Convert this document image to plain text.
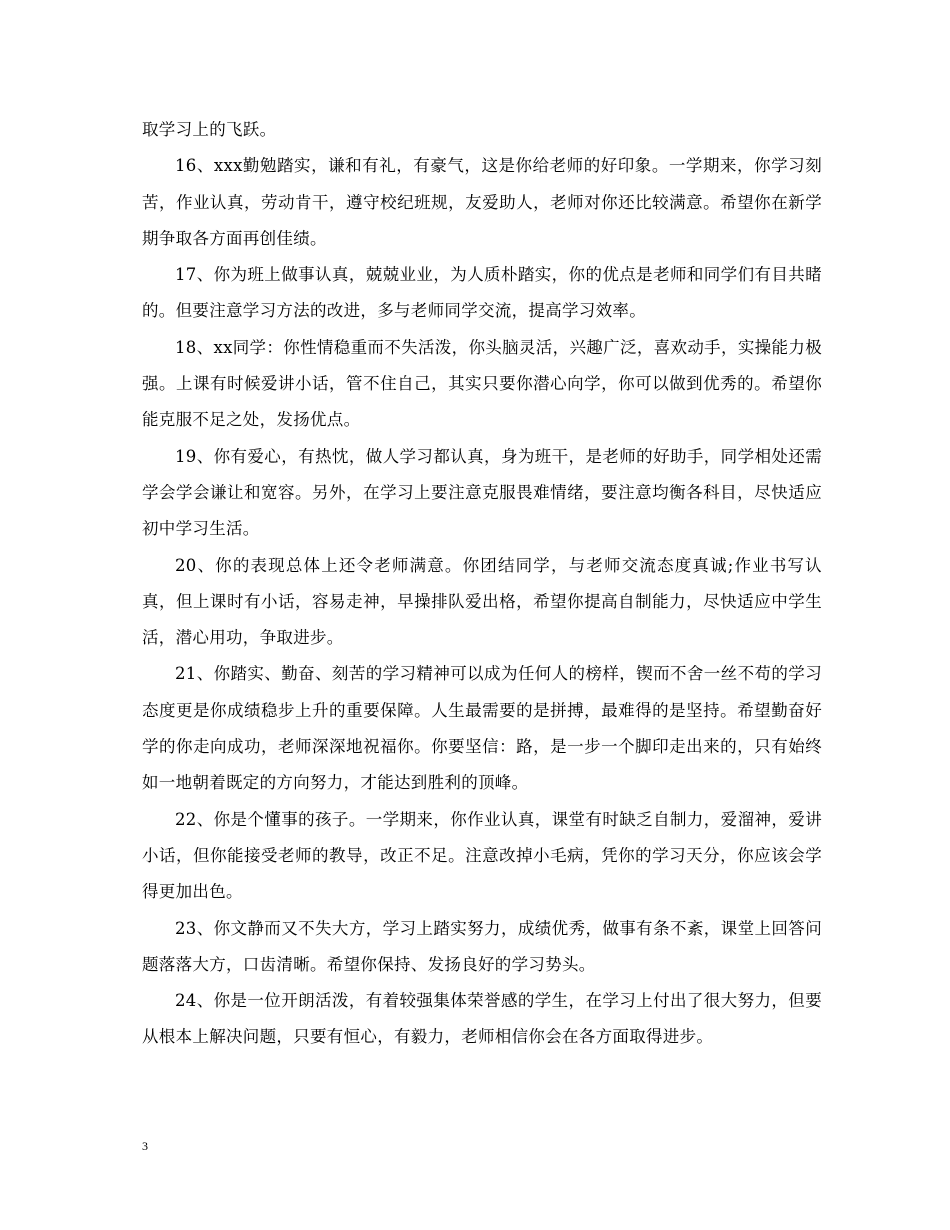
取学习上的飞跃。

16、xxx勤勉踏实，谦和有礼，有豪气，这是你给老师的好印象。一学期来，你学习刻苦，作业认真，劳动肯干，遵守校纪班规，友爱助人，老师对你还比较满意。希望你在新学期争取各方面再创佳绩。

17、你为班上做事认真，兢兢业业，为人质朴踏实，你的优点是老师和同学们有目共睹的。但要注意学习方法的改进，多与老师同学交流，提高学习效率。

18、xx同学：你性情稳重而不失活泼，你头脑灵活，兴趣广泛，喜欢动手，实操能力极强。上课有时候爱讲小话，管不住自己，其实只要你潜心向学，你可以做到优秀的。希望你能克服不足之处，发扬优点。

19、你有爱心，有热忱，做人学习都认真，身为班干，是老师的好助手，同学相处还需学会学会谦让和宽容。另外，在学习上要注意克服畏难情绪，要注意均衡各科目，尽快适应初中学习生活。

20、你的表现总体上还令老师满意。你团结同学，与老师交流态度真诚;作业书写认真，但上课时有小话，容易走神，早操排队爱出格，希望你提高自制能力，尽快适应中学生活，潜心用功，争取进步。

21、你踏实、勤奋、刻苦的学习精神可以成为任何人的榜样，锲而不舍一丝不苟的学习态度更是你成绩稳步上升的重要保障。人生最需要的是拼搏，最难得的是坚持。希望勤奋好学的你走向成功，老师深深地祝福你。你要坚信：路，是一步一个脚印走出来的，只有始终如一地朝着既定的方向努力，才能达到胜利的顶峰。

22、你是个懂事的孩子。一学期来，你作业认真，课堂有时缺乏自制力，爱溜神，爱讲小话，但你能接受老师的教导，改正不足。注意改掉小毛病，凭你的学习天分，你应该会学得更加出色。

23、你文静而又不失大方，学习上踏实努力，成绩优秀，做事有条不紊，课堂上回答问题落落大方，口齿清晰。希望你保持、发扬良好的学习势头。

24、你是一位开朗活泼，有着较强集体荣誉感的学生，在学习上付出了很大努力，但要从根本上解决问题，只要有恒心，有毅力，老师相信你会在各方面取得进步。

3
